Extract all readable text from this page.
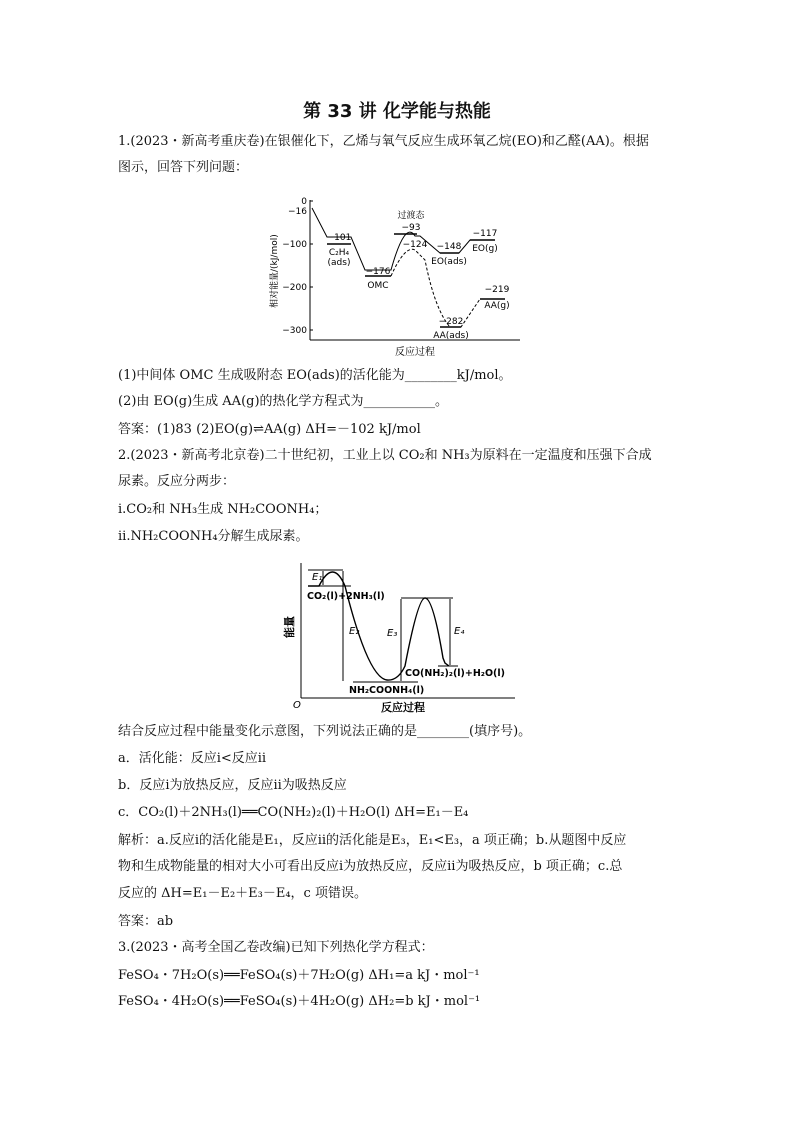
第 33 讲 化学能与热能
1.(2023・新高考重庆卷)在银催化下，乙烯与氧气反应生成环氧乙烷(EO)和乙醛(AA)。根据
图示，回答下列问题：
0
−16
−100
−200
−300
相对能量/(kJ/mol)
反应过程
−101
C₂H₄
(ads)
−176
OMC
过渡态
−93
−124 −148
EO(ads)
−117
EO(g)
−282
AA(ads)
−219
AA(g)
(1)中间体 OMC 生成吸附态 EO(ads)的活化能为________kJ/mol。
(2)由 EO(g)生成 AA(g)的热化学方程式为___________。
答案：(1)83 (2)EO(g)⇌AA(g) ΔH=－102 kJ/mol
2.(2023・新高考北京卷)二十世纪初，工业上以 CO₂和 NH₃为原料在一定温度和压强下合成
尿素。反应分两步：
ⅰ.CO₂和 NH₃生成 NH₂COONH₄；
ⅱ.NH₂COONH₄分解生成尿素。
O
能量
反应过程
E₁
E₂	E₃	E₄
CO₂(l)+2NH₃(l)
NH₂COONH₄(l)
CO(NH₂)₂(l)+H₂O(l)
结合反应过程中能量变化示意图，下列说法正确的是________(填序号)。
a．活化能：反应ⅰ<反应ⅱ
b．反应ⅰ为放热反应，反应ⅱ为吸热反应
c．CO₂(l)＋2NH₃(l)══CO(NH₂)₂(l)＋H₂O(l) ΔH=E₁－E₄
解析：a.反应ⅰ的活化能是E₁，反应ⅱ的活化能是E₃，E₁<E₃，a 项正确；b.从题图中反应
物和生成物能量的相对大小可看出反应ⅰ为放热反应，反应ⅱ为吸热反应，b 项正确；c.总
反应的 ΔH=E₁－E₂＋E₃－E₄，c 项错误。
答案：ab
3.(2023・高考全国乙卷改编)已知下列热化学方程式：
FeSO₄・7H₂O(s)══FeSO₄(s)＋7H₂O(g) ΔH₁=a kJ・mol⁻¹
FeSO₄・4H₂O(s)══FeSO₄(s)＋4H₂O(g) ΔH₂=b kJ・mol⁻¹
